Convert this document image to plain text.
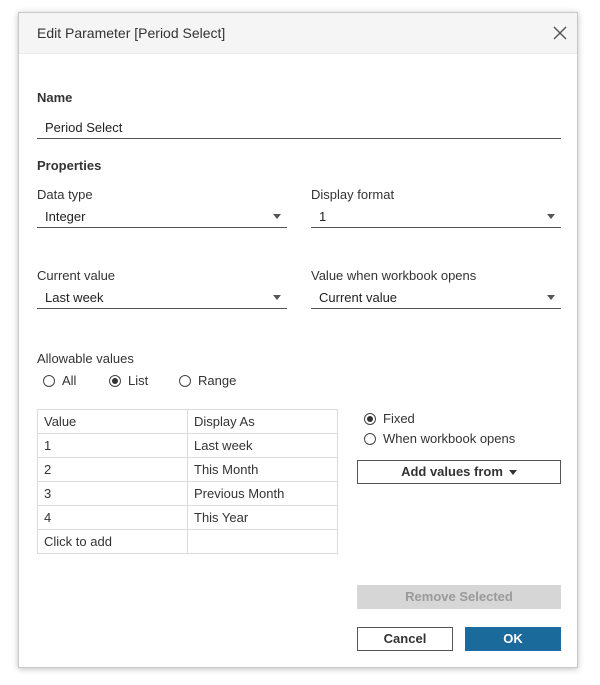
Edit Parameter [Period Select]
Name
Period Select
Properties
Data type
Integer
Display format
1
Current value
Last week
Value when workbook opens
Current value
Allowable values
All	List	Range
Value	Display As
1	Last week
2	This Month
3	Previous Month
4	This Year
Click to add	
Fixed
When workbook opens
Add values from
Remove Selected
Cancel	OK
